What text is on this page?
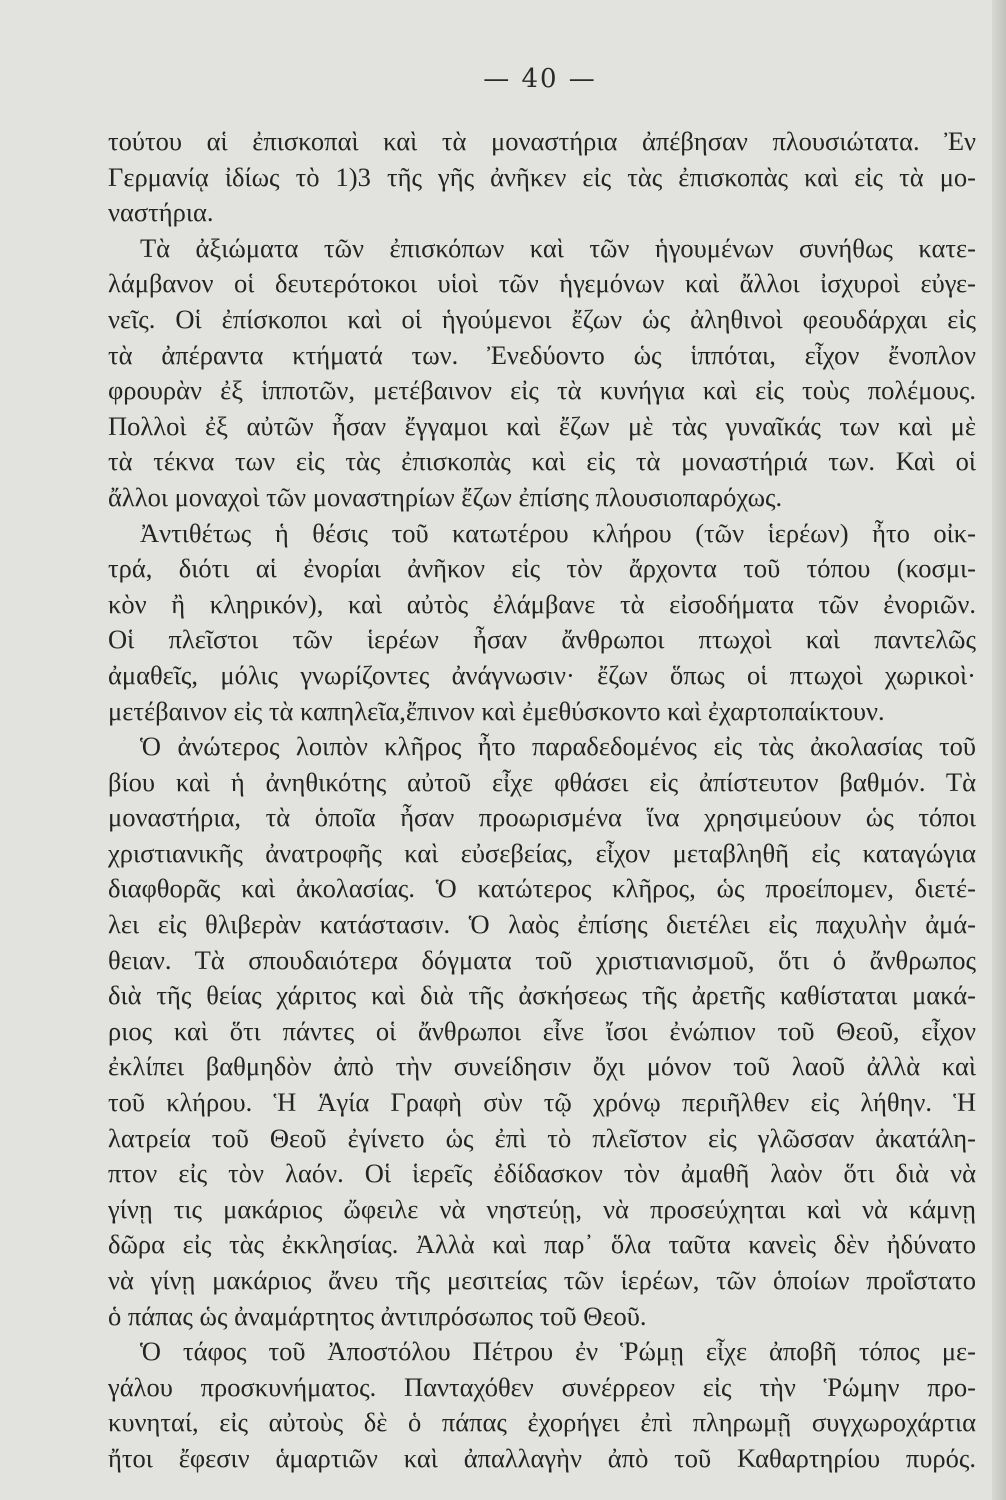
— 40 —
τούτου αἱ ἐπισκοπαὶ καὶ τὰ μοναστήρια ἀπέβησαν πλουσιώτατα. Ἐν
Γερμανίᾳ ἰδίως τὸ 1)3 τῆς γῆς ἀνῆκεν εἰς τὰς ἐπισκοπὰς καὶ εἰς τὰ μο-
ναστήρια.
Τὰ ἀξιώματα τῶν ἐπισκόπων καὶ τῶν ἡγουμένων συνήθως κατε-
λάμβανον οἱ δευτερότοκοι υἱοὶ τῶν ἡγεμόνων καὶ ἄλλοι ἰσχυροὶ εὐγε-
νεῖς. Οἱ ἐπίσκοποι καὶ οἱ ἡγούμενοι ἔζων ὡς ἀληθινοὶ φεουδάρχαι εἰς
τὰ ἀπέραντα κτήματά των. Ἐνεδύοντο ὡς ἱππόται, εἶχον ἔνοπλον
φρουρὰν ἐξ ἱπποτῶν, μετέβαινον εἰς τὰ κυνήγια καὶ εἰς τοὺς πολέμους.
Πολλοὶ ἐξ αὐτῶν ἦσαν ἔγγαμοι καὶ ἔζων μὲ τὰς γυναῖκάς των καὶ μὲ
τὰ τέκνα των εἰς τὰς ἐπισκοπὰς καὶ εἰς τὰ μοναστήριά των. Καὶ οἱ
ἄλλοι μοναχοὶ τῶν μοναστηρίων ἔζων ἐπίσης πλουσιοπαρόχως.
Ἀντιθέτως ἡ θέσις τοῦ κατωτέρου κλήρου (τῶν ἱερέων) ἦτο οἰκ-
τρά, διότι αἱ ἐνορίαι ἀνῆκον εἰς τὸν ἄρχοντα τοῦ τόπου (κοσμι-
κὸν ἢ κληρικόν), καὶ αὐτὸς ἐλάμβανε τὰ εἰσοδήματα τῶν ἐνοριῶν.
Οἱ πλεῖστοι τῶν ἱερέων ἦσαν ἄνθρωποι πτωχοὶ καὶ παντελῶς
ἀμαθεῖς, μόλις γνωρίζοντες ἀνάγνωσιν· ἔζων ὅπως οἱ πτωχοὶ χωρικοὶ·
μετέβαινον εἰς τὰ καπηλεῖα,ἔπινον καὶ ἐμεθύσκοντο καὶ ἐχαρτοπαίκτουν.
Ὁ ἀνώτερος λοιπὸν κλῆρος ἦτο παραδεδομένος εἰς τὰς ἀκολασίας τοῦ
βίου καὶ ἡ ἀνηθικότης αὐτοῦ εἶχε φθάσει εἰς ἀπίστευτον βαθμόν. Τὰ
μοναστήρια, τὰ ὁποῖα ἦσαν προωρισμένα ἵνα χρησιμεύουν ὡς τόποι
χριστιανικῆς ἀνατροφῆς καὶ εὐσεβείας, εἶχον μεταβληθῆ εἰς καταγώγια
διαφθορᾶς καὶ ἀκολασίας. Ὁ κατώτερος κλῆρος, ὡς προείπομεν, διετέ-
λει εἰς θλιβερὰν κατάστασιν. Ὁ λαὸς ἐπίσης διετέλει εἰς παχυλὴν ἀμά-
θειαν. Τὰ σπουδαιότερα δόγματα τοῦ χριστιανισμοῦ, ὅτι ὁ ἄνθρωπος
διὰ τῆς θείας χάριτος καὶ διὰ τῆς ἀσκήσεως τῆς ἀρετῆς καθίσταται μακά-
ριος καὶ ὅτι πάντες οἱ ἄνθρωποι εἶνε ἴσοι ἐνώπιον τοῦ Θεοῦ, εἶχον
ἐκλίπει βαθμηδὸν ἀπὸ τὴν συνείδησιν ὄχι μόνον τοῦ λαοῦ ἀλλὰ καὶ
τοῦ κλήρου. Ἡ Ἁγία Γραφὴ σὺν τῷ χρόνῳ περιῆλθεν εἰς λήθην. Ἡ
λατρεία τοῦ Θεοῦ ἐγίνετο ὡς ἐπὶ τὸ πλεῖστον εἰς γλῶσσαν ἀκατάλη-
πτον εἰς τὸν λαόν. Οἱ ἱερεῖς ἐδίδασκον τὸν ἀμαθῆ λαὸν ὅτι διὰ νὰ
γίνῃ τις μακάριος ὤφειλε νὰ νηστεύῃ, νὰ προσεύχηται καὶ νὰ κάμνῃ
δῶρα εἰς τὰς ἐκκλησίας. Ἀλλὰ καὶ παρ᾽ ὅλα ταῦτα κανεὶς δὲν ἠδύνατο
νὰ γίνῃ μακάριος ἄνευ τῆς μεσιτείας τῶν ἱερέων, τῶν ὁποίων προΐστατο
ὁ πάπας ὡς ἀναμάρτητος ἀντιπρόσωπος τοῦ Θεοῦ.
Ὁ τάφος τοῦ Ἀποστόλου Πέτρου ἐν Ῥώμῃ εἶχε ἀποβῆ τόπος με-
γάλου προσκυνήματος. Πανταχόθεν συνέρρεον εἰς τὴν Ῥώμην προ-
κυνηταί, εἰς αὐτοὺς δὲ ὁ πάπας ἐχορήγει ἐπὶ πληρωμῇ συγχωροχάρτια
ἤτοι ἔφεσιν ἁμαρτιῶν καὶ ἀπαλλαγὴν ἀπὸ τοῦ Καθαρτηρίου πυρός.
